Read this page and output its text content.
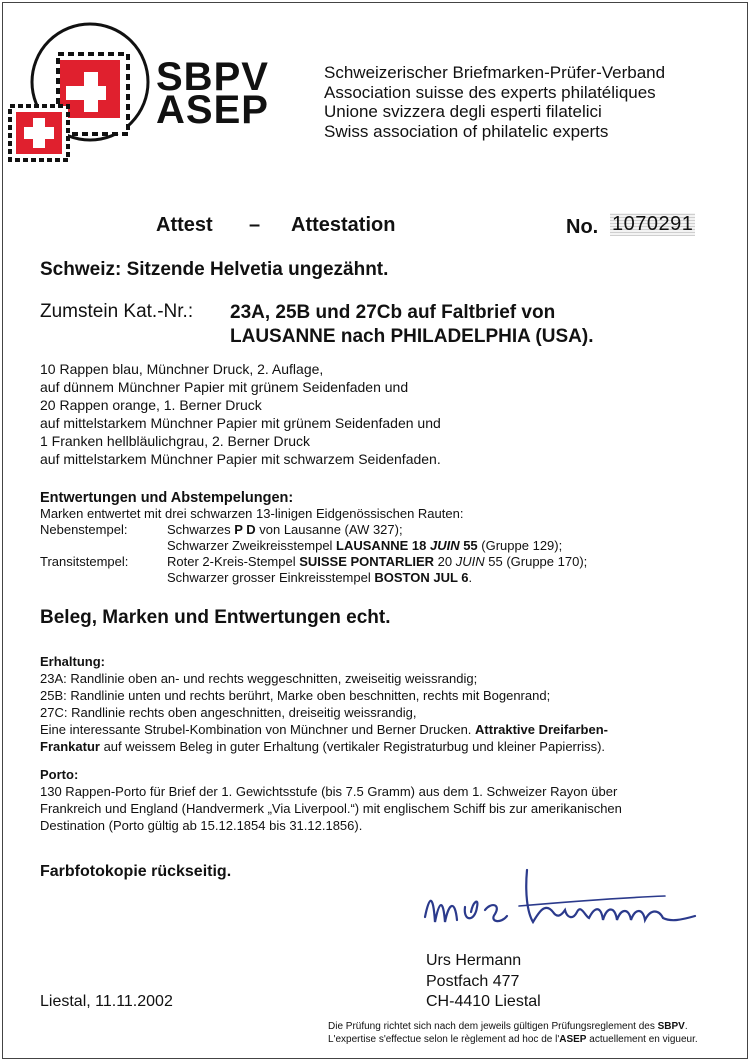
SBPV
ASEP
Schweizerischer Briefmarken-Prüfer-Verband
Association suisse des experts philatéliques
Unione svizzera degli esperti filatelici
Swiss association of philatelic experts
Attest – Attestation	No. 1070291
Schweiz: Sitzende Helvetia ungezähnt.
Zumstein Kat.-Nr.: 23A, 25B und 27Cb auf Faltbrief von
LAUSANNE nach PHILADELPHIA (USA).
10 Rappen blau, Münchner Druck, 2. Auflage,
auf dünnem Münchner Papier mit grünem Seidenfaden und
20 Rappen orange, 1. Berner Druck
auf mittelstarkem Münchner Papier mit grünem Seidenfaden und
1 Franken hellbläulichgrau, 2. Berner Druck
auf mittelstarkem Münchner Papier mit schwarzem Seidenfaden.
Entwertungen und Abstempelungen:
Marken entwertet mit drei schwarzen 13-linigen Eidgenössischen Rauten:
Nebenstempel:	Schwarzes P D von Lausanne (AW 327);
Schwarzer Zweikreisstempel LAUSANNE 18 JUIN 55 (Gruppe 129);
Transitstempel:	Roter 2-Kreis-Stempel SUISSE PONTARLIER 20 JUIN 55 (Gruppe 170);
Schwarzer grosser Einkreisstempel BOSTON JUL 6.
Beleg, Marken und Entwertungen echt.
Erhaltung:
23A: Randlinie oben an- und rechts weggeschnitten, zweiseitig weissrandig;
25B: Randlinie unten und rechts berührt, Marke oben beschnitten, rechts mit Bogenrand;
27C: Randlinie rechts oben angeschnitten, dreiseitig weissrandig,
Eine interessante Strubel-Kombination von Münchner und Berner Drucken. Attraktive Dreifarben-
Frankatur auf weissem Beleg in guter Erhaltung (vertikaler Registraturbug und kleiner Papierriss).
Porto:
130 Rappen-Porto für Brief der 1. Gewichtsstufe (bis 7.5 Gramm) aus dem 1. Schweizer Rayon über
Frankreich und England (Handvermerk „Via Liverpool.“) mit englischem Schiff bis zur amerikanischen
Destination (Porto gültig ab 15.12.1854 bis 31.12.1856).
Farbfotokopie rückseitig.
Urs Hermann
Postfach 477
CH-4410 Liestal
Liestal, 11.11.2002
Die Prüfung richtet sich nach dem jeweils gültigen Prüfungsreglement des SBPV.
L'expertise s'effectue selon le règlement ad hoc de l'ASEP actuellement en vigueur.
